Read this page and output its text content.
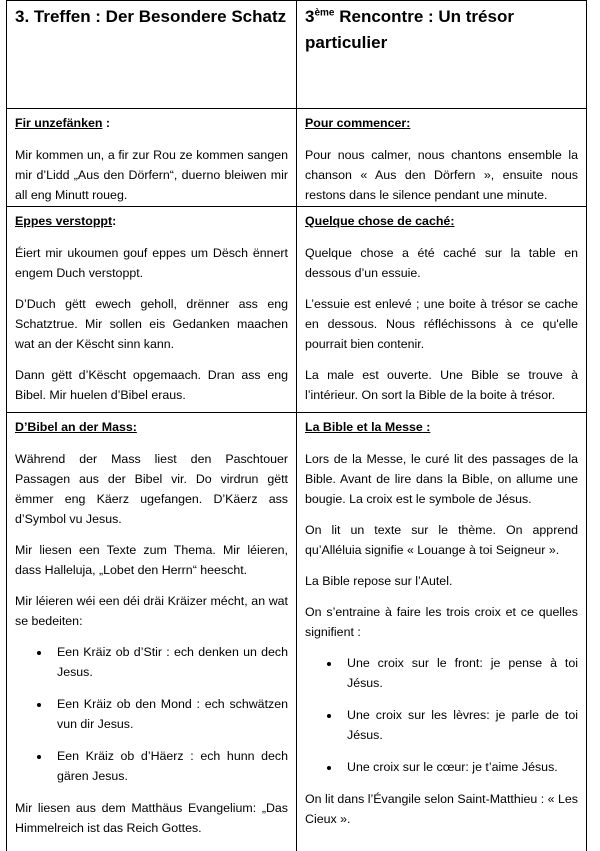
3. Treffen : Der Besondere Schatz 3ème Rencontre : Un trésor particulier

Fir unzefänken :

Mir kommen un, a fir zur Rou ze kommen sangen mir d’Lidd „Aus den Dörfern“, duerno bleiwen mir all eng Minutt roueg.

Pour commencer:

Pour nous calmer, nous chantons ensemble la chanson « Aus den Dörfern », ensuite nous restons dans le silence pendant une minute.

Eppes verstoppt:

Éiert mir ukoumen gouf eppes um Dësch ënnert engem Duch verstoppt.

D’Duch gëtt ewech geholl, drënner ass eng Schatztrue. Mir sollen eis Gedanken maachen wat an der Këscht sinn kann.

Dann gëtt d’Këscht opgemaach. Dran ass eng Bibel. Mir huelen d’Bibel eraus.

Quelque chose de caché:

Quelque chose a été caché sur la table en dessous d’un essuie.

L’essuie est enlevé ; une boite à trésor se cache en dessous. Nous réfléchissons à ce qu'elle pourrait bien contenir.

La male est ouverte. Une Bible se trouve à l’intérieur. On sort la Bible de la boite à trésor.

D’Bibel an der Mass:

Während der Mass liest den Paschtouer Passagen aus der Bibel vir. Do virdrun gëtt ëmmer eng Käerz ugefangen. D’Käerz ass d’Symbol vu Jesus.

Mir liesen een Texte zum Thema. Mir léieren, dass Halleluja, „Lobet den Herrn“ heescht.

Mir léieren wéi een déi dräi Kräizer mécht, an wat se bedeiten:

• Een Kräiz ob d’Stir : ech denken un dech Jesus.
• Een Kräiz ob den Mond : ech schwätzen vun dir Jesus.
• Een Kräiz ob d’Häerz : ech hunn dech gären Jesus.

Mir liesen aus dem Matthäus Evangelium: „Das Himmelreich ist das Reich Gottes.

La Bible et la Messe :

Lors de la Messe, le curé lit des passages de la Bible. Avant de lire dans la Bible, on allume une bougie. La croix est le symbole de Jésus.

On lit un texte sur le thème. On apprend qu’Alléluia signifie « Louange à toi Seigneur ».

La Bible repose sur l’Autel.

On s’entraine à faire les trois croix et ce quelles signifient :

• Une croix sur le front: je pense à toi Jésus.
• Une croix sur les lèvres: je parle de toi Jésus.
• Une croix sur le cœur: je t’aime Jésus.

On lit dans l’Évangile selon Saint-Matthieu : « Les Cieux ».
